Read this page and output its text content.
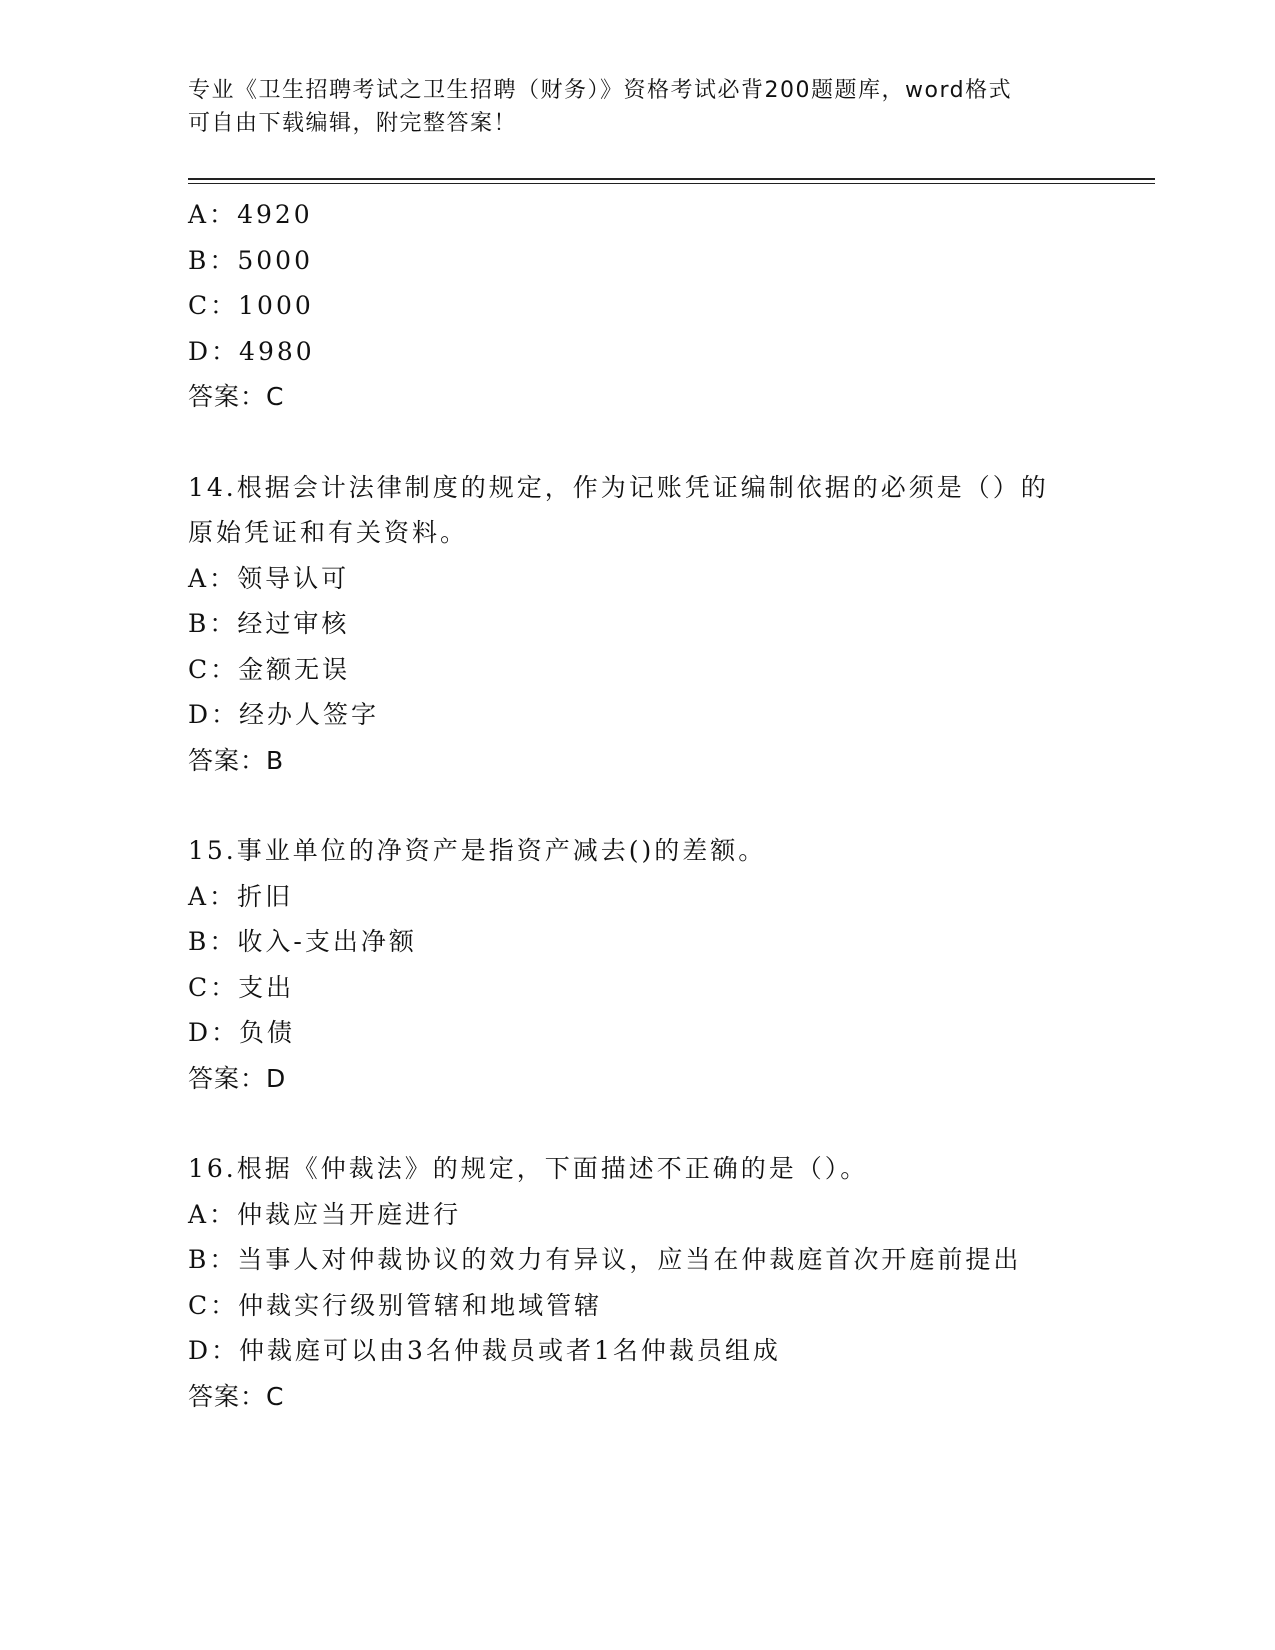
专业《卫生招聘考试之卫生招聘（财务）》资格考试必背200题题库，word格式
可自由下载编辑，附完整答案！
A：4920
B：5000
C：1000
D：4980
答案：C
14.根据会计法律制度的规定，作为记账凭证编制依据的必须是（）的
原始凭证和有关资料。
A：领导认可
B：经过审核
C：金额无误
D：经办人签字
答案：B
15.事业单位的净资产是指资产减去()的差额。
A：折旧
B：收入-支出净额
C：支出
D：负债
答案：D
16.根据《仲裁法》的规定，下面描述不正确的是（）。
A：仲裁应当开庭进行
B：当事人对仲裁协议的效力有异议，应当在仲裁庭首次开庭前提出
C：仲裁实行级别管辖和地域管辖
D：仲裁庭可以由3名仲裁员或者1名仲裁员组成
答案：C
